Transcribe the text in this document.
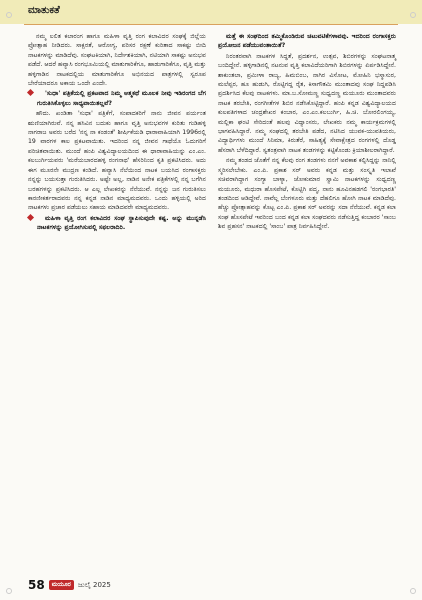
ಮಾತುಕತೆ

ನಮ್ಮ ಲಲಿತ ಕಲಾರಂಗ ಹಾಗೂ ಮಹಿಳಾ ವೃತ್ತಿ ರಂಗ ಕಲಾವಿದರ ಸಂಘಕ್ಕೆ ಜಿಲ್ಲೆಯ ಪ್ರೋತ್ಸಾಹ ನೀಡಿದರು. ಸಾಕ್ಷರತೆ, ಆರೋಗ್ಯ, ಪರಿಸರ ರಕ್ಷಣೆ ಕುರಿತಾದ ಸಾಕಷ್ಟು ಬೀದಿ ನಾಟಕಗಳನ್ನು ಮಾಡಿದೆವು. ಸಂಘಟಕಿಯಾಗಿ, ನಿರ್ದೇಶಕಿಯಾಗಿ, ನಟಿಯಾಗಿ ಸಾಕಷ್ಟು ಅನುಭವ ಪಡೆದೆ. ಆದರೆ ಹವ್ಯಾಸಿ ರಂಗಭೂಮಿಯಲ್ಲಿ ಮಾತುಗಾರಿಕೆಗೂ, ಹಾಡುಗಾರಿಕೆಗೂ, ವೃತ್ತಿ ಮತ್ತು ಹಳ್ಳಿಗಾಡಿನ ನಾಟಕದಲ್ಲಿಯ ಮಾತುಗಾರಿಕೆಗೂ ಅಭಿನಯದ ಪಾತ್ರಗಳಲ್ಲಿ ಸ್ವರೂಪ ಬೇರೆಯಾದರೂ ಅಕಾಯ ಒಂದೇ ಎಂದೇ.

'ಸುಧಾ' ಪತ್ರಿಕೆಯಲ್ಲಿ ಪ್ರಕಟವಾದ ನಿಮ್ಮ ಆತ್ಮಕಥೆ ಮೂಲಕ ನೀವು ಇಡಿರಂಗದ ಬೆಗ ಗುರುತಿಸಿಕೊಳ್ಳಲು ಸಾಧ್ಯವಾಯಿತಲ್ಲವೆ?

ಹೌದು. ಖಂಡಿತಾ 'ಸುಧಾ' ಪತ್ರಿಕೆಗೆ, ಸಂಪಾದಕರಿಗೆ ನಾನು ಜೀವನ ಪರ್ಯಂತ ಋಣಿಯಾಗಿರುವೆ. ನನ್ನ ಹಸಿವಿನ ಬದುಕು ಹಾಗೂ ವೃತ್ತಿ ಅನುಭವಗಳ ಕುರಿತು ಗುಡಿಹಳ್ಳಿ ನಾಗರಾಜ ಅವರು ಬರೆದ 'ನನ್ನ ನಾ ಕಂಡಂತೆ' ಶೀರ್ಷಿಕೆಯಡಿ ಧಾರಾವಾಹಿಯಾಗಿ 1996ರಲ್ಲಿ 19 ವಾರಗಳ ಕಾಲ ಪ್ರಕಟವಾಯಿತು. ಇದರಿಂದ ನನ್ನ ಜೀವನ ಗಾಥೆಯೊ ಓದುಗರಿಗೆ ಪರಿಚಿತವಾಯಿತು. ಮುಂದೆ ಹಂಪಿ ವಿಶ್ವವಿದ್ಯಾಲಯದಿಂದ ಈ ಧಾರಾವಾಹಿಯನ್ನು ಎಂ.ಎಂ. ಕಲಬುರ್ಗಿಯವರು 'ಮರೆಯಬಾರದಹಳ್ಳಿ ರಂಗನಾಥ' ಹೆಸರಿನಿಂದ ಕೃತಿ ಪ್ರಕಟಿಸಿದರು. ಅದು ಈಗ ಮೂರನೇ ಮುದ್ರಣ ಕಂಡಿದೆ. ಹವ್ಯಾಸಿ ನೆಲೆಯಿಂದ ನಾಟಕ ಬಯಸಿದ ರಂಗಾಸಕ್ತರು ನನ್ನನ್ನು ಬಯಸುತ್ತಾ ಗುರುತಿಸಿದರು. ಅಷ್ಟೇ ಅಲ್ಲ, ನಾಡಿನ ಅನೇಕ ಪತ್ರಿಕೆಗಳಲ್ಲಿ ನನ್ನ ಬಗೆಗಿನ ಬರಹಗಳನ್ನು ಪ್ರಕಟಿಸಿದರು. ಆ ಎಲ್ಲ ಲೇಖಕರನ್ನು ನೆನೆಯುವೆ. ನನ್ನನ್ನು ಜನ ಗುರುತಿಸಲು ಕಾರಣೀಕರ್ತರಾದವರು ನನ್ನ ಕನ್ನಡ ನಾಡಿನ ಮಾಧ್ಯಮದವರು. ಒಂದು ಹಳ್ಳಿಯಲ್ಲಿ ಅರಿದ ನಾಟಕಗಳು ಪ್ರಚಾರ ಪಡೆಯಲು ಸಹಾಯ ಮಾಡಿದವರೇ ಮಾಧ್ಯಮದವರು.

ಮಹಿಳಾ ವೃತ್ತಿ ರಂಗ ಕಲಾವಿದರ ಸಂಘ ಸ್ಥಾಪಿಸುವುದೇ ಕಷ್ಟ. ಅನ್ನು ಮುನ್ನಡೆಸಿ ನಾಟಕಗಳನ್ನು ಪ್ರಯೋಗಿಸುವಲ್ಲಿ ಸಫಲರಾದಿರಿ.

ಮತ್ತೆ ಈ ಸಂಘದಿಂದ ತಮ್ಮಿಕೊಂಡಿರುವ ಚಟುವಟಿಕೆಗಳಾವವು. ಇದರಿಂದ ರಂಗಾಸಕ್ತರು ಪ್ರಯೋಜನ ಪಡೆಯುವಂತಾಯಿತೆ?

ನಿರಂತರವಾಗಿ ನಾಟಕಗಳ ಸಿದ್ಧತೆ, ಪ್ರದರ್ಶನ, ಉತ್ಸವ, ಶಿಬಿರಗಳನ್ನು ಸಂಘಟನಾತ್ಮ ಬಂದಿದ್ದೇನೆ. ಹಳ್ಳಿಗಾಡಿನಲ್ಲಿ ನಟನುವ ವೃತ್ತಿ ಕಲಾವಿದೆಯರಿಗಾಗಿ ಶಿಬಿರಗಳನ್ನು ಏರ್ಪಡಿಸಿದ್ದೇನೆ. ಶಾಕುಂತಲಾ, ಪ್ರಮೀಳಾ ರಾಜ್ಯ, ಹಿಮಬಿಂಬ, ನಾಗಿರ ವಿಸೋಟ, ಮೋಹಿನಿ ಭಸ್ಮಾಸುರ, ಮಲೆಪ್ಪರ, ಹೂ ಹುಡುಗಿ, ರೊಟ್ಟಿಗದ್ದ ರೈತ, ಕಿಸಾಗೌತಮಿ ಮುಂತಾದವು ಸಂಘ ನಿದ್ದಪಡಿಸಿ ಪ್ರದರ್ಶಿಸಿದ ಕೆಲವು ನಾಟಕಗಳು. ಮಾ.ಬ.ಸೋಮಣ್ಣ ಸುಧ್ವದಣ್ಣ ಮಯೂರು ಮುಂತಾದವರು ನಾಟಕ ತರಬೇತಿ, ರಂಗಗೀತೆಗಳ ಶಿಬಿರ ನಡೆಸಿಕೊಟ್ಟಿದ್ದಾರೆ. ಹಂಪಿ ಕನ್ನಡ ವಿಶ್ವವಿದ್ಯಾಲಯದ ಕುಲಪತಿಗಳಾದ ಚಂದ್ರಶೇಖರ ಕಂಬಾರ, ಎಂ.ಎಂ.ಕಲಬುರ್ಗಿ, ಹಿ.ಚಿ. ಬೋರಲಿಂಗಯ್ಯ, ಮಲ್ಲಿಕಾ ಘಂಟಿ ಸೇರಿದಂತೆ ಹಲವು ವಿದ್ವಾಂಸರು, ಲೇಖಕರು ನಮ್ಮ ಕಾರ್ಯಕ್ರಮಗಳಲ್ಲಿ ಭಾಗವಹಿಸಿದ್ದಾರೆ. ನಮ್ಮ ಸಂಘದಲ್ಲಿ ತರಬೇತಿ ಪಡೆದ, ನಟಿಸಿದ ಯುವಕ-ಯುವತಿಯರು, ವಿದ್ಯಾರ್ಥಿಗಳು ಮುಂದೆ ಸಿನಿಮಾ, ಕಿರುತೆರೆ, ಸಾಹಿತ್ಯಕ್ಕೆ ಸೇವಾಕ್ಷೇತ್ರದ ರಂಗಗಳಲ್ಲಿ ದೊಡ್ಡ ಹೆಸರಾಗಿ ಬೆಳೆದಿದ್ದಾರೆ. ಸ್ವತಂತ್ರವಾಗಿ ನಾಟಕ ತಂಡಗಳನ್ನು ಕಟ್ಟಿಕೊಂಡು ಕ್ರಿಯಾಶೀಲರಾಗಿದ್ದಾರೆ.

ನಮ್ಮ ತಂಡದ ಜೊತೆಗೆ ನನ್ನ ಕೆಲವು ರಂಗ ತಂಡಗಳು ನನಗೆ ಅವಕಾಶ ಕಲ್ಪಿಸಿದ್ದನ್ನು ನಾನಿಲ್ಲಿ ಸ್ಮರಿಸಲೇಬೇಕು. ಎಂ.ಪಿ. ಪ್ರಕಾಶ ಸರ್ ಅವರು ಕನ್ನಡ ಮತ್ತು ಸಂಸ್ಕೃತಿ ಇಲಾಖೆ ಸಚಿವರಾಗಿದ್ದಾಗ ಸಂಗ್ಯಾ ಬಾಳ್ಯಾ, ಜೋಕುಮಾರ ಸ್ವಾಮಿ ನಾಟಕಗಳನ್ನು ಸುಧ್ವದಣ್ಣ ಮಯೂರು, ಮಧುರಾ ಹೊಸಪೇಟೆ, ಕೊಟ್ಟಿಗಿ ಪದ್ಮ, ನಾನು ಹೂವಿನಹಡಗಲಿ 'ರಂಗಭಾರತಿ' ತಂಡದಿಂದ ಆಡಿದ್ದೇವೆ. ನಾವೆಲ್ಲ ಬೆಂಗಳೂರು ಮತ್ತು ದೆಹಲಿಗೂ ಹೋಗಿ ನಾಟಕ ಮಾಡಿದೆವು. ಹೆಚ್ಚು ಪ್ರೋತ್ಸಾಹವನ್ನು ಕೊಟ್ಟ ಎಂ.ಪಿ. ಪ್ರಕಾಶ ಸರ್ ಅವರನ್ನು ಸದಾ ನೆನೆಯುವೆ. ಕನ್ನಡ ಕಲಾ ಸಂಘ ಹೊಸಪೇಟೆ ಇವರಿಂದ ಬಂದ ಕನ್ನಡ ಕಲಾ ಸಂಘದವರು ನಡೆಸುತ್ತಿದ್ದ ಕಂಬಾರರ 'ಸಾಂಬ ಶಿವ ಪ್ರಹಸನ' ನಾಟಕದಲ್ಲಿ 'ಸಾಂಬ' ಪಾತ್ರ ನಿರ್ವಹಿಸಿದ್ದೇನೆ.

58	ಮಯೂರ	ಜುಲೈ 2025
